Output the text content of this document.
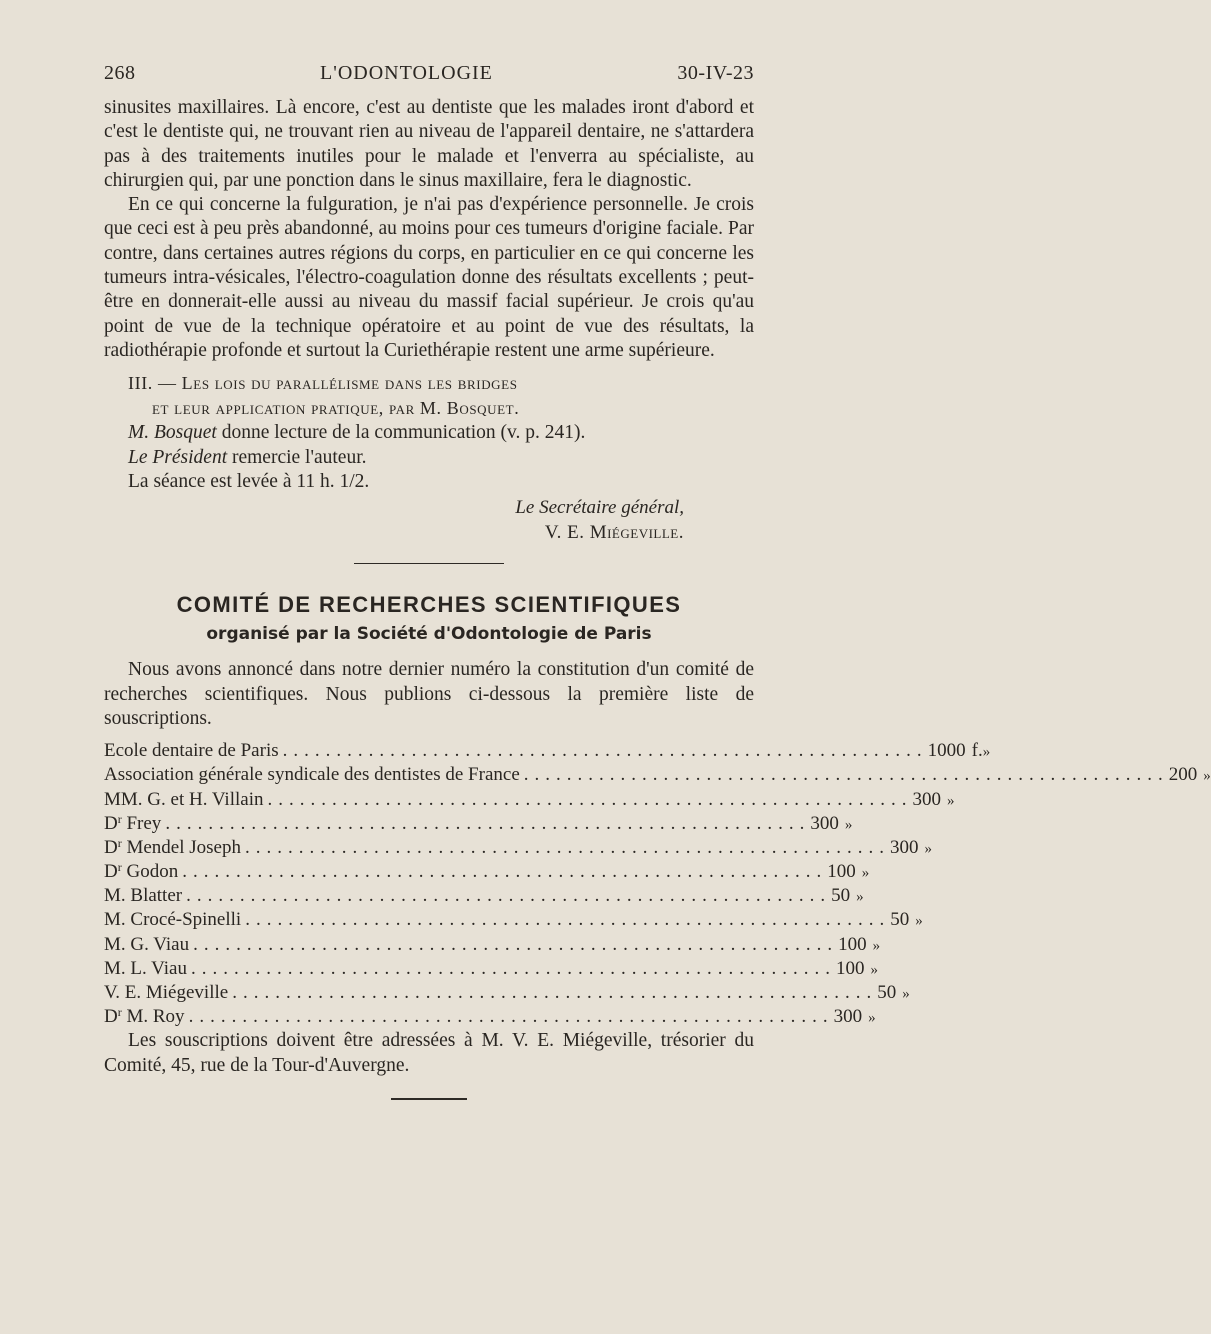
268	L'ODONTOLOGIE	30-IV-23

sinusites maxillaires. Là encore, c'est au dentiste que les malades iront d'abord et c'est le dentiste qui, ne trouvant rien au niveau de l'appareil dentaire, ne s'attardera pas à des traitements inutiles pour le malade et l'enverra au spécialiste, au chirurgien qui, par une ponction dans le sinus maxillaire, fera le diagnostic.

En ce qui concerne la fulguration, je n'ai pas d'expérience personnelle. Je crois que ceci est à peu près abandonné, au moins pour ces tumeurs d'origine faciale. Par contre, dans certaines autres régions du corps, en particulier en ce qui concerne les tumeurs intra-vésicales, l'électro-coagulation donne des résultats excellents ; peut-être en donnerait-elle aussi au niveau du massif facial supérieur. Je crois qu'au point de vue de la technique opératoire et au point de vue des résultats, la radiothérapie profonde et surtout la Curiethérapie restent une arme supérieure.

III. — Les lois du parallélisme dans les bridges
et leur application pratique, par M. Bosquet.
M. Bosquet donne lecture de la communication (v. p. 241).
Le Président remercie l'auteur.
La séance est levée à 11 h. 1/2.
Le Secrétaire général,
V. E. Miégeville.
COMITÉ DE RECHERCHES SCIENTIFIQUES
organisé par la Société d'Odontologie de Paris

Nous avons annoncé dans notre dernier numéro la constitution d'un comité de recherches scientifiques. Nous publions ci-dessous la première liste de souscriptions.

Ecole dentaire de Paris ............................................................ 1000 f. »
Association générale syndicale des dentistes de France ............................................................ 200 »
MM. G. et H. Villain ............................................................ 300 »
$D^r$ Frey ............................................................ 300 »
$D^r$ Mendel Joseph ............................................................ 300 »
$D^r$ Godon ............................................................ 100 »
M. Blatter ............................................................ 50 »
M. Crocé-Spinelli ............................................................ 50 »
M. G. Viau ............................................................ 100 »
M. L. Viau ............................................................ 100 »
V. E. Miégeville ............................................................ 50 »
$D^r$ M. Roy ............................................................ 300 »

Les souscriptions doivent être adressées à M. V. E. Miégeville, trésorier du Comité, 45, rue de la Tour-d'Auvergne.
